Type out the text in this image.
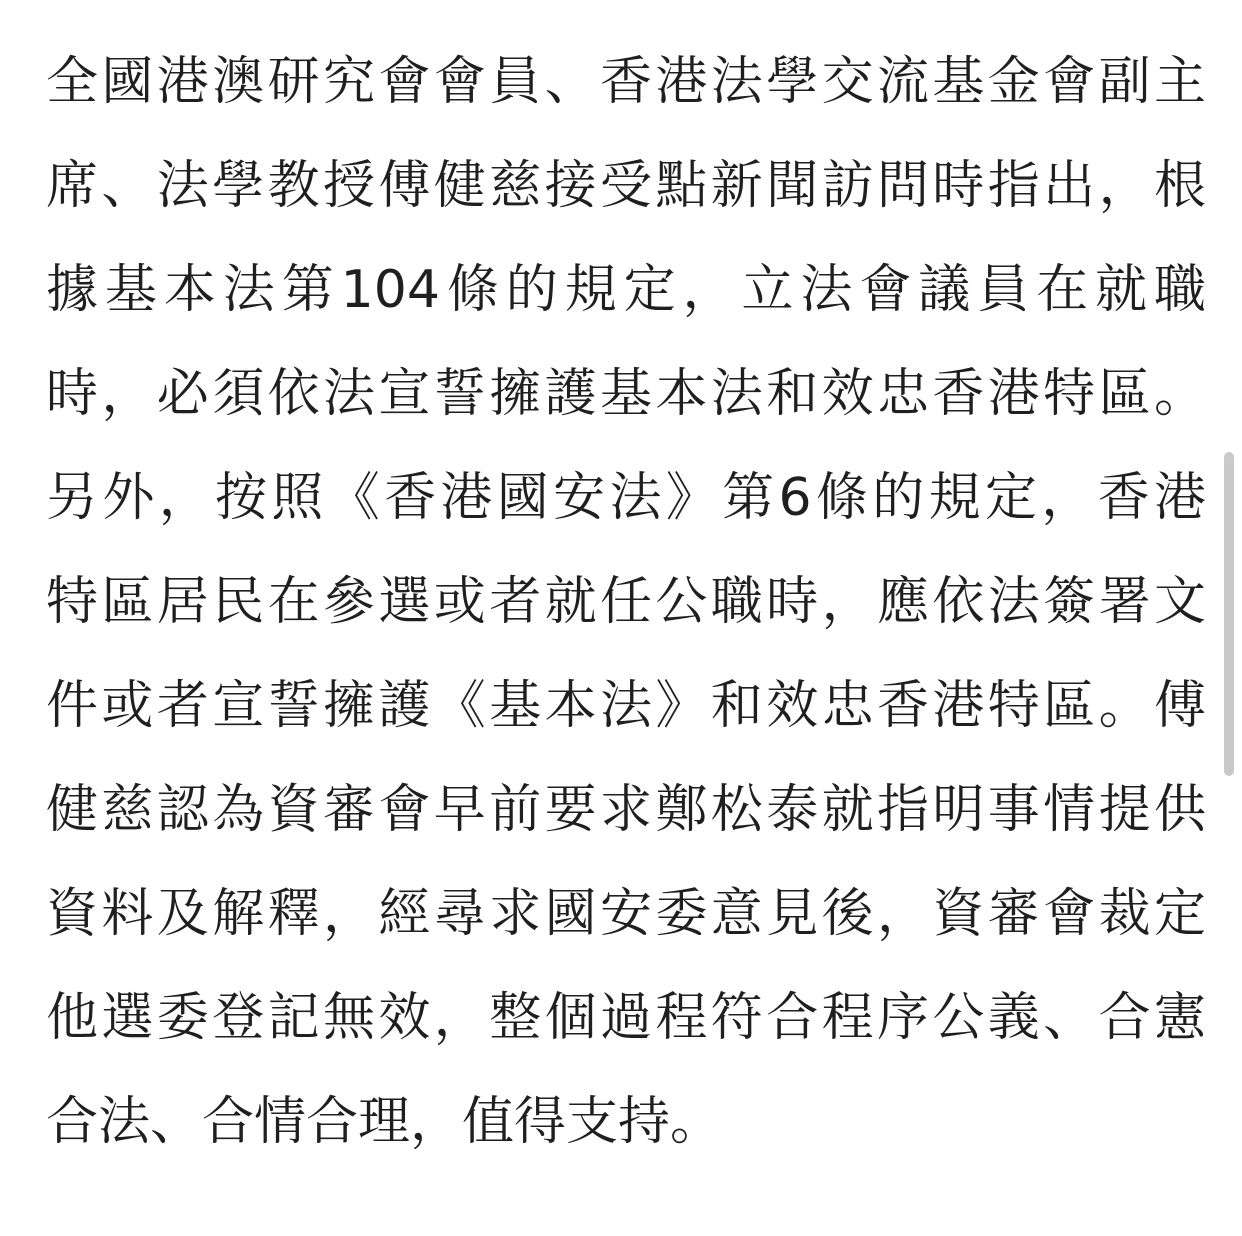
全國港澳研究會會員、香港法學交流基金會副主
席、法學教授傅健慈接受點新聞訪問時指出，根
據基本法第104條的規定，立法會議員在就職
時，必須依法宣誓擁護基本法和效忠香港特區。
另外，按照《香港國安法》第6條的規定，香港
特區居民在參選或者就任公職時，應依法簽署文
件或者宣誓擁護《基本法》和效忠香港特區。傅
健慈認為資審會早前要求鄭松泰就指明事情提供
資料及解釋，經尋求國安委意見後，資審會裁定
他選委登記無效，整個過程符合程序公義、合憲
合法、合情合理，值得支持。
